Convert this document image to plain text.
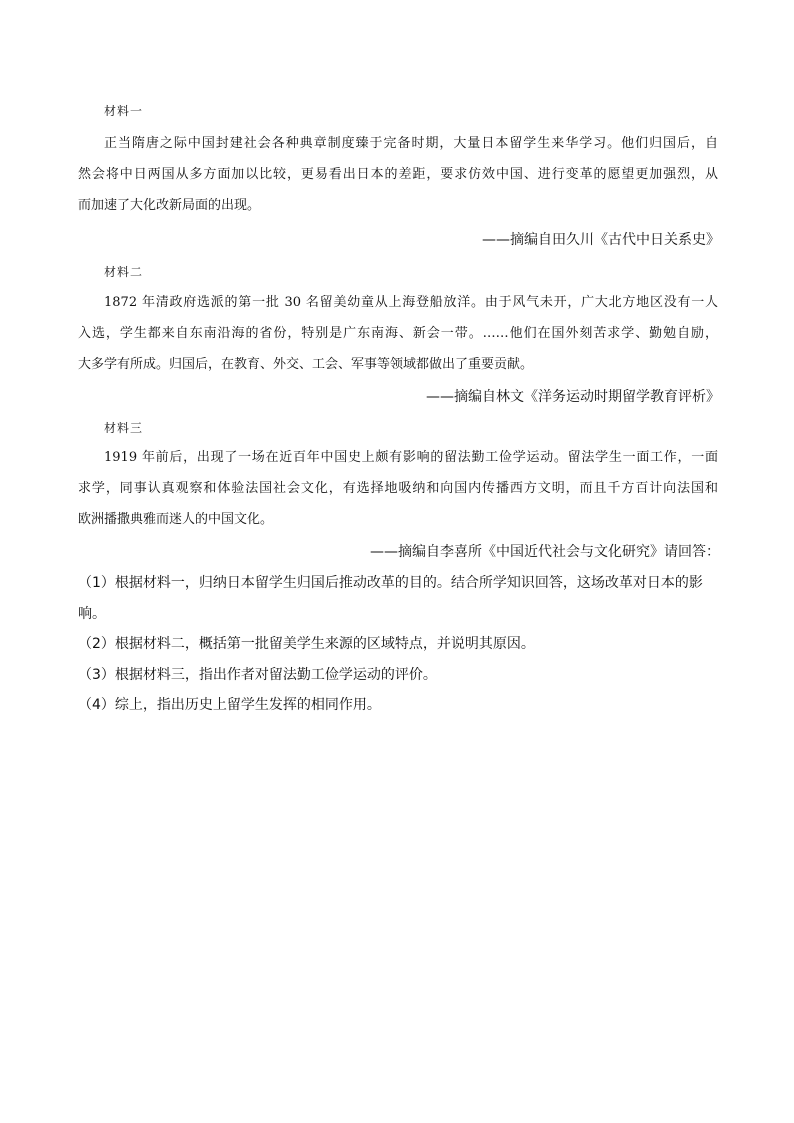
材料一
正当隋唐之际中国封建社会各种典章制度臻于完备时期，大量日本留学生来华学习。他们归国后，自
然会将中日两国从多方面加以比较，更易看出日本的差距，要求仿效中国、进行变革的愿望更加强烈，从
而加速了大化改新局面的出现。
——摘编自田久川《古代中日关系史》
材料二
1872 年清政府选派的第一批 30 名留美幼童从上海登船放洋。由于风气未开，广大北方地区没有一人
入选，学生都来自东南沿海的省份，特别是广东南海、新会一带。……他们在国外刻苦求学、勤勉自励，
大多学有所成。归国后，在教育、外交、工会、军事等领域都做出了重要贡献。
——摘编自林文《洋务运动时期留学教育评析》
材料三
1919 年前后，出现了一场在近百年中国史上颇有影响的留法勤工俭学运动。留法学生一面工作，一面
求学，同事认真观察和体验法国社会文化，有选择地吸纳和向国内传播西方文明，而且千方百计向法国和
欧洲播撒典雅而迷人的中国文化。
——摘编自李喜所《中国近代社会与文化研究》请回答：
（1）根据材料一，归纳日本留学生归国后推动改革的目的。结合所学知识回答，这场改革对日本的影
响。
（2）根据材料二，概括第一批留美学生来源的区域特点，并说明其原因。
（3）根据材料三，指出作者对留法勤工俭学运动的评价。
（4）综上，指出历史上留学生发挥的相同作用。
